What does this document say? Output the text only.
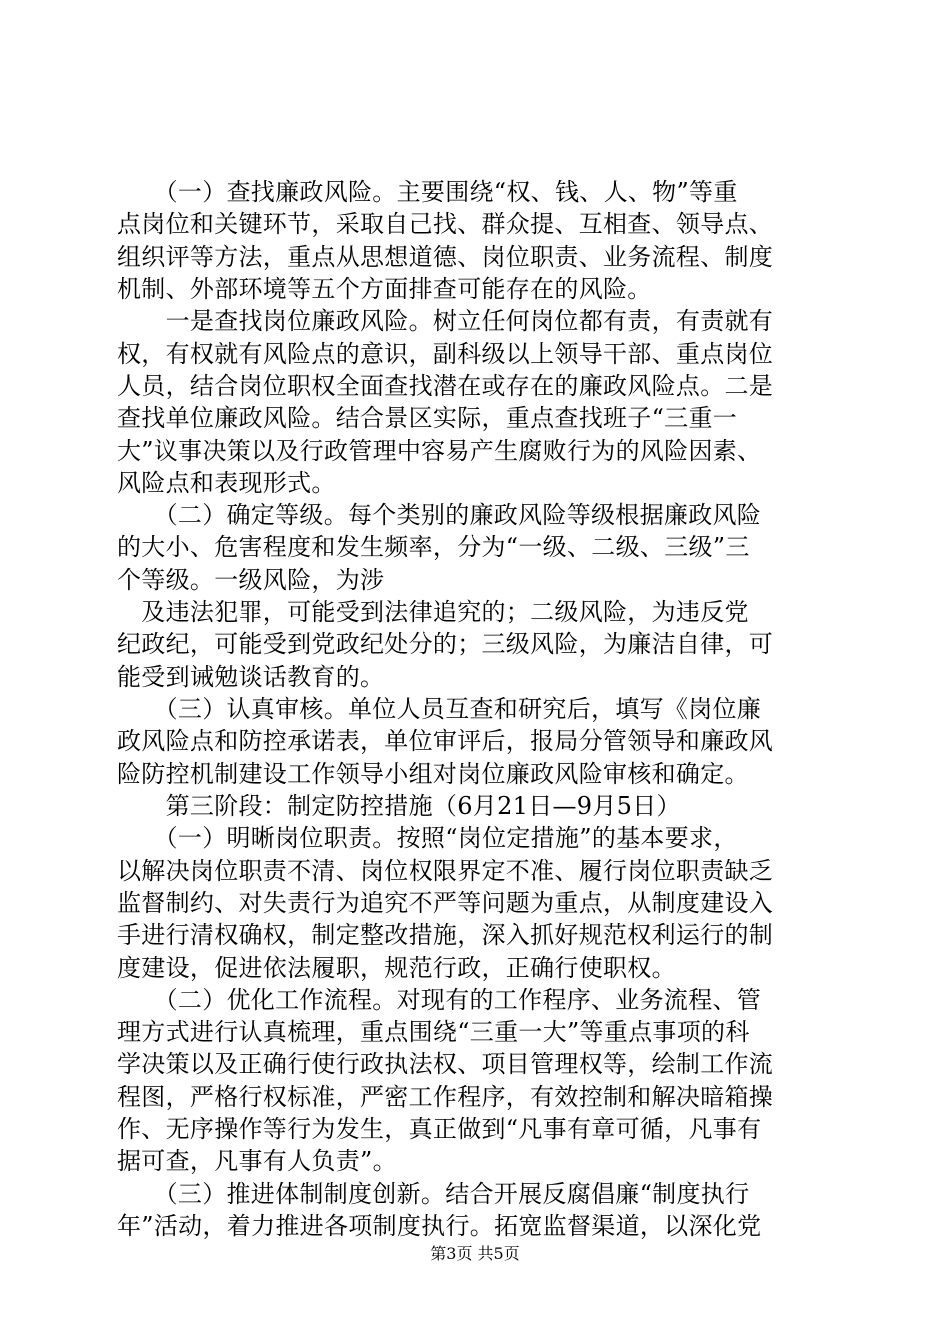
　　（一）查找廉政风险。主要围绕“权、钱、人、物”等重
点岗位和关键环节，采取自己找、群众提、互相查、领导点、
组织评等方法，重点从思想道德、岗位职责、业务流程、制度
机制、外部环境等五个方面排查可能存在的风险。
　　一是查找岗位廉政风险。树立任何岗位都有责，有责就有
权，有权就有风险点的意识，副科级以上领导干部、重点岗位
人员，结合岗位职权全面查找潜在或存在的廉政风险点。二是
查找单位廉政风险。结合景区实际，重点查找班子“三重一
大”议事决策以及行政管理中容易产生腐败行为的风险因素、
风险点和表现形式。
　　（二）确定等级。每个类别的廉政风险等级根据廉政风险
的大小、危害程度和发生频率，分为“一级、二级、三级”三
个等级。一级风险，为涉
　及违法犯罪，可能受到法律追究的；二级风险，为违反党
纪政纪，可能受到党政纪处分的；三级风险，为廉洁自律，可
能受到诫勉谈话教育的。
　　（三）认真审核。单位人员互查和研究后，填写《岗位廉
政风险点和防控承诺表，单位审评后，报局分管领导和廉政风
险防控机制建设工作领导小组对岗位廉政风险审核和确定。
　　第三阶段：制定防控措施（6月21日—9月5日）
　　（一）明晰岗位职责。按照“岗位定措施”的基本要求，
以解决岗位职责不清、岗位权限界定不准、履行岗位职责缺乏
监督制约、对失责行为追究不严等问题为重点，从制度建设入
手进行清权确权，制定整改措施，深入抓好规范权利运行的制
度建设，促进依法履职，规范行政，正确行使职权。
　　（二）优化工作流程。对现有的工作程序、业务流程、管
理方式进行认真梳理，重点围绕“三重一大”等重点事项的科
学决策以及正确行使行政执法权、项目管理权等，绘制工作流
程图，严格行权标准，严密工作程序，有效控制和解决暗箱操
作、无序操作等行为发生，真正做到“凡事有章可循，凡事有
据可查，凡事有人负责”。
　　（三）推进体制制度创新。结合开展反腐倡廉“制度执行
年”活动，着力推进各项制度执行。拓宽监督渠道，以深化党
第3页 共5页
